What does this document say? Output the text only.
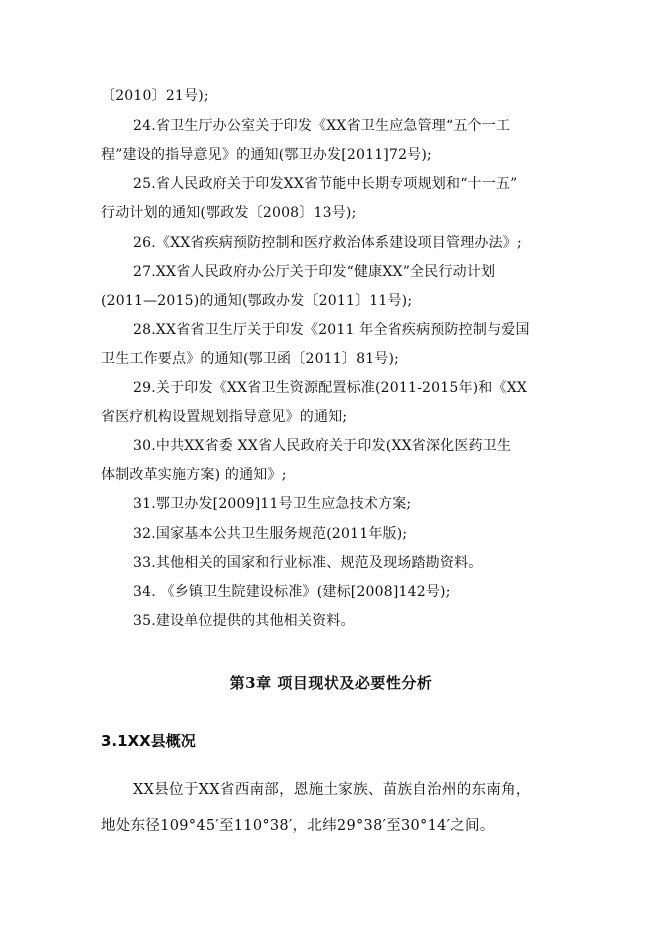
〔2010〕21号);
24.省卫生厅办公室关于印发《XX省卫生应急管理“五个一工
程”建设的指导意见》的通知(鄂卫办发[2011]72号);
25.省人民政府关于印发XX省节能中长期专项规划和“十一五”
行动计划的通知(鄂政发〔2008〕13号);
26.《XX省疾病预防控制和医疗救治体系建设项目管理办法》;
27.XX省人民政府办公厅关于印发“健康XX”全民行动计划
(2011—2015)的通知(鄂政办发〔2011〕11号);
28.XX省省卫生厅关于印发《2011 年全省疾病预防控制与爱国
卫生工作要点》的通知(鄂卫函〔2011〕81号);
29.关于印发《XX省卫生资源配置标准(2011-2015年)和《XX
省医疗机构设置规划指导意见》的通知;
30.中共XX省委 XX省人民政府关于印发(XX省深化医药卫生
体制改革实施方案) 的通知》;
31.鄂卫办发[2009]11号卫生应急技术方案;
32.国家基本公共卫生服务规范(2011年版);
33.其他相关的国家和行业标准、规范及现场踏勘资料。
34. 《乡镇卫生院建设标准》(建标[2008]142号);
35.建设单位提供的其他相关资料。
第3章 项目现状及必要性分析
3.1XX县概况
XX县位于XX省西南部，恩施土家族、苗族自治州的东南角，
地处东径109°45′至110°38′，北纬29°38′至30°14′之间。
